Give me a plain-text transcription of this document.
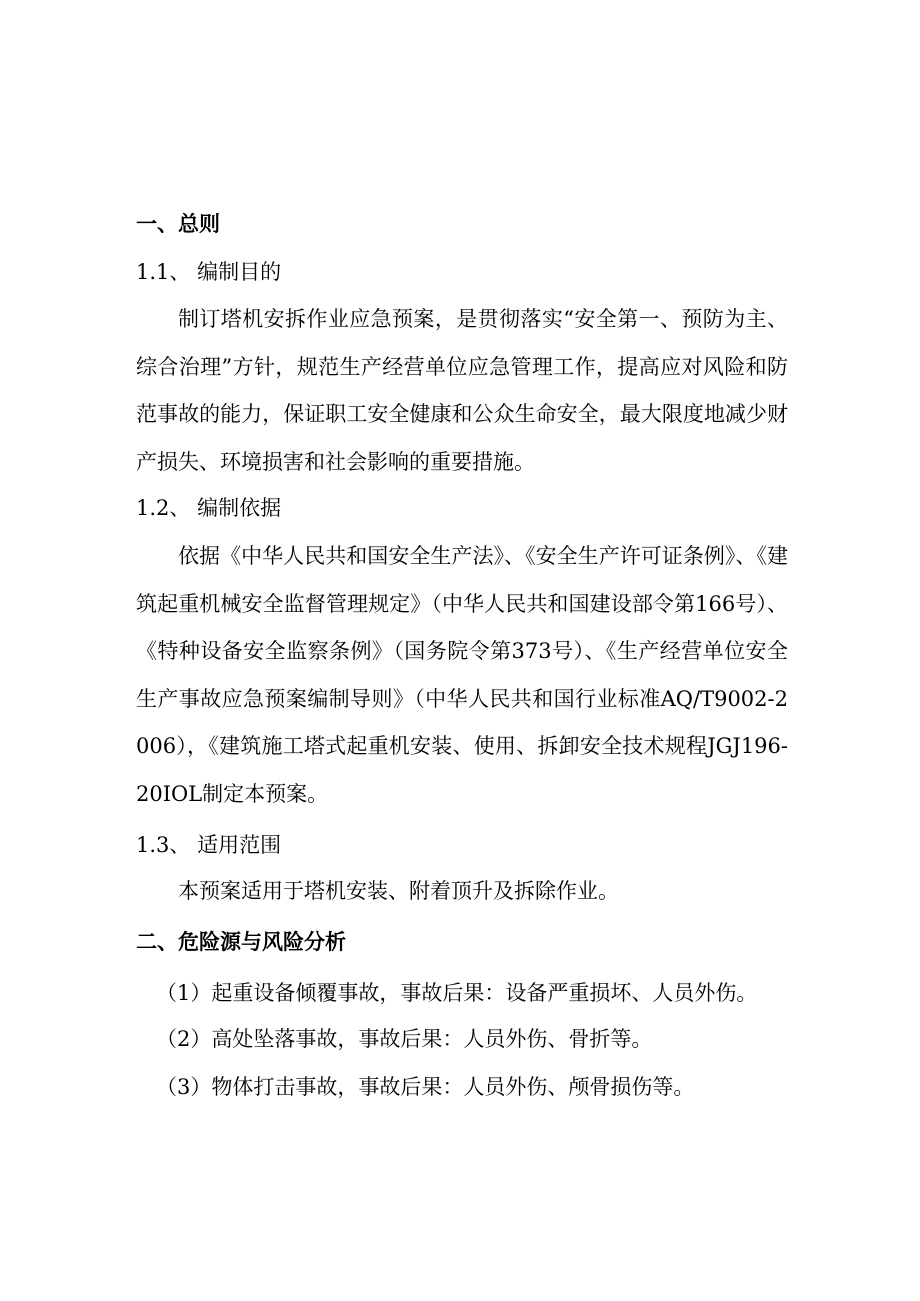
一、总则
1.1、 编制目的
制订塔机安拆作业应急预案，是贯彻落实“安全第一、预防为主、综合治理”方针，规范生产经营单位应急管理工作，提高应对风险和防范事故的能力，保证职工安全健康和公众生命安全，最大限度地减少财产损失、环境损害和社会影响的重要措施。
1.2、 编制依据
依据《中华人民共和国安全生产法》、《安全生产许可证条例》、《建筑起重机械安全监督管理规定》（中华人民共和国建设部令第166号）、《特种设备安全监察条例》（国务院令第373号）、《生产经营单位安全生产事故应急预案编制导则》（中华人民共和国行业标准AQ/T9002-2006），《建筑施工塔式起重机安装、使用、拆卸安全技术规程JGJ196-20IOL制定本预案。
1.3、 适用范围
本预案适用于塔机安装、附着顶升及拆除作业。
二、危险源与风险分析
（1）起重设备倾覆事故，事故后果：设备严重损坏、人员外伤。
（2）高处坠落事故，事故后果：人员外伤、骨折等。
（3）物体打击事故，事故后果：人员外伤、颅骨损伤等。
